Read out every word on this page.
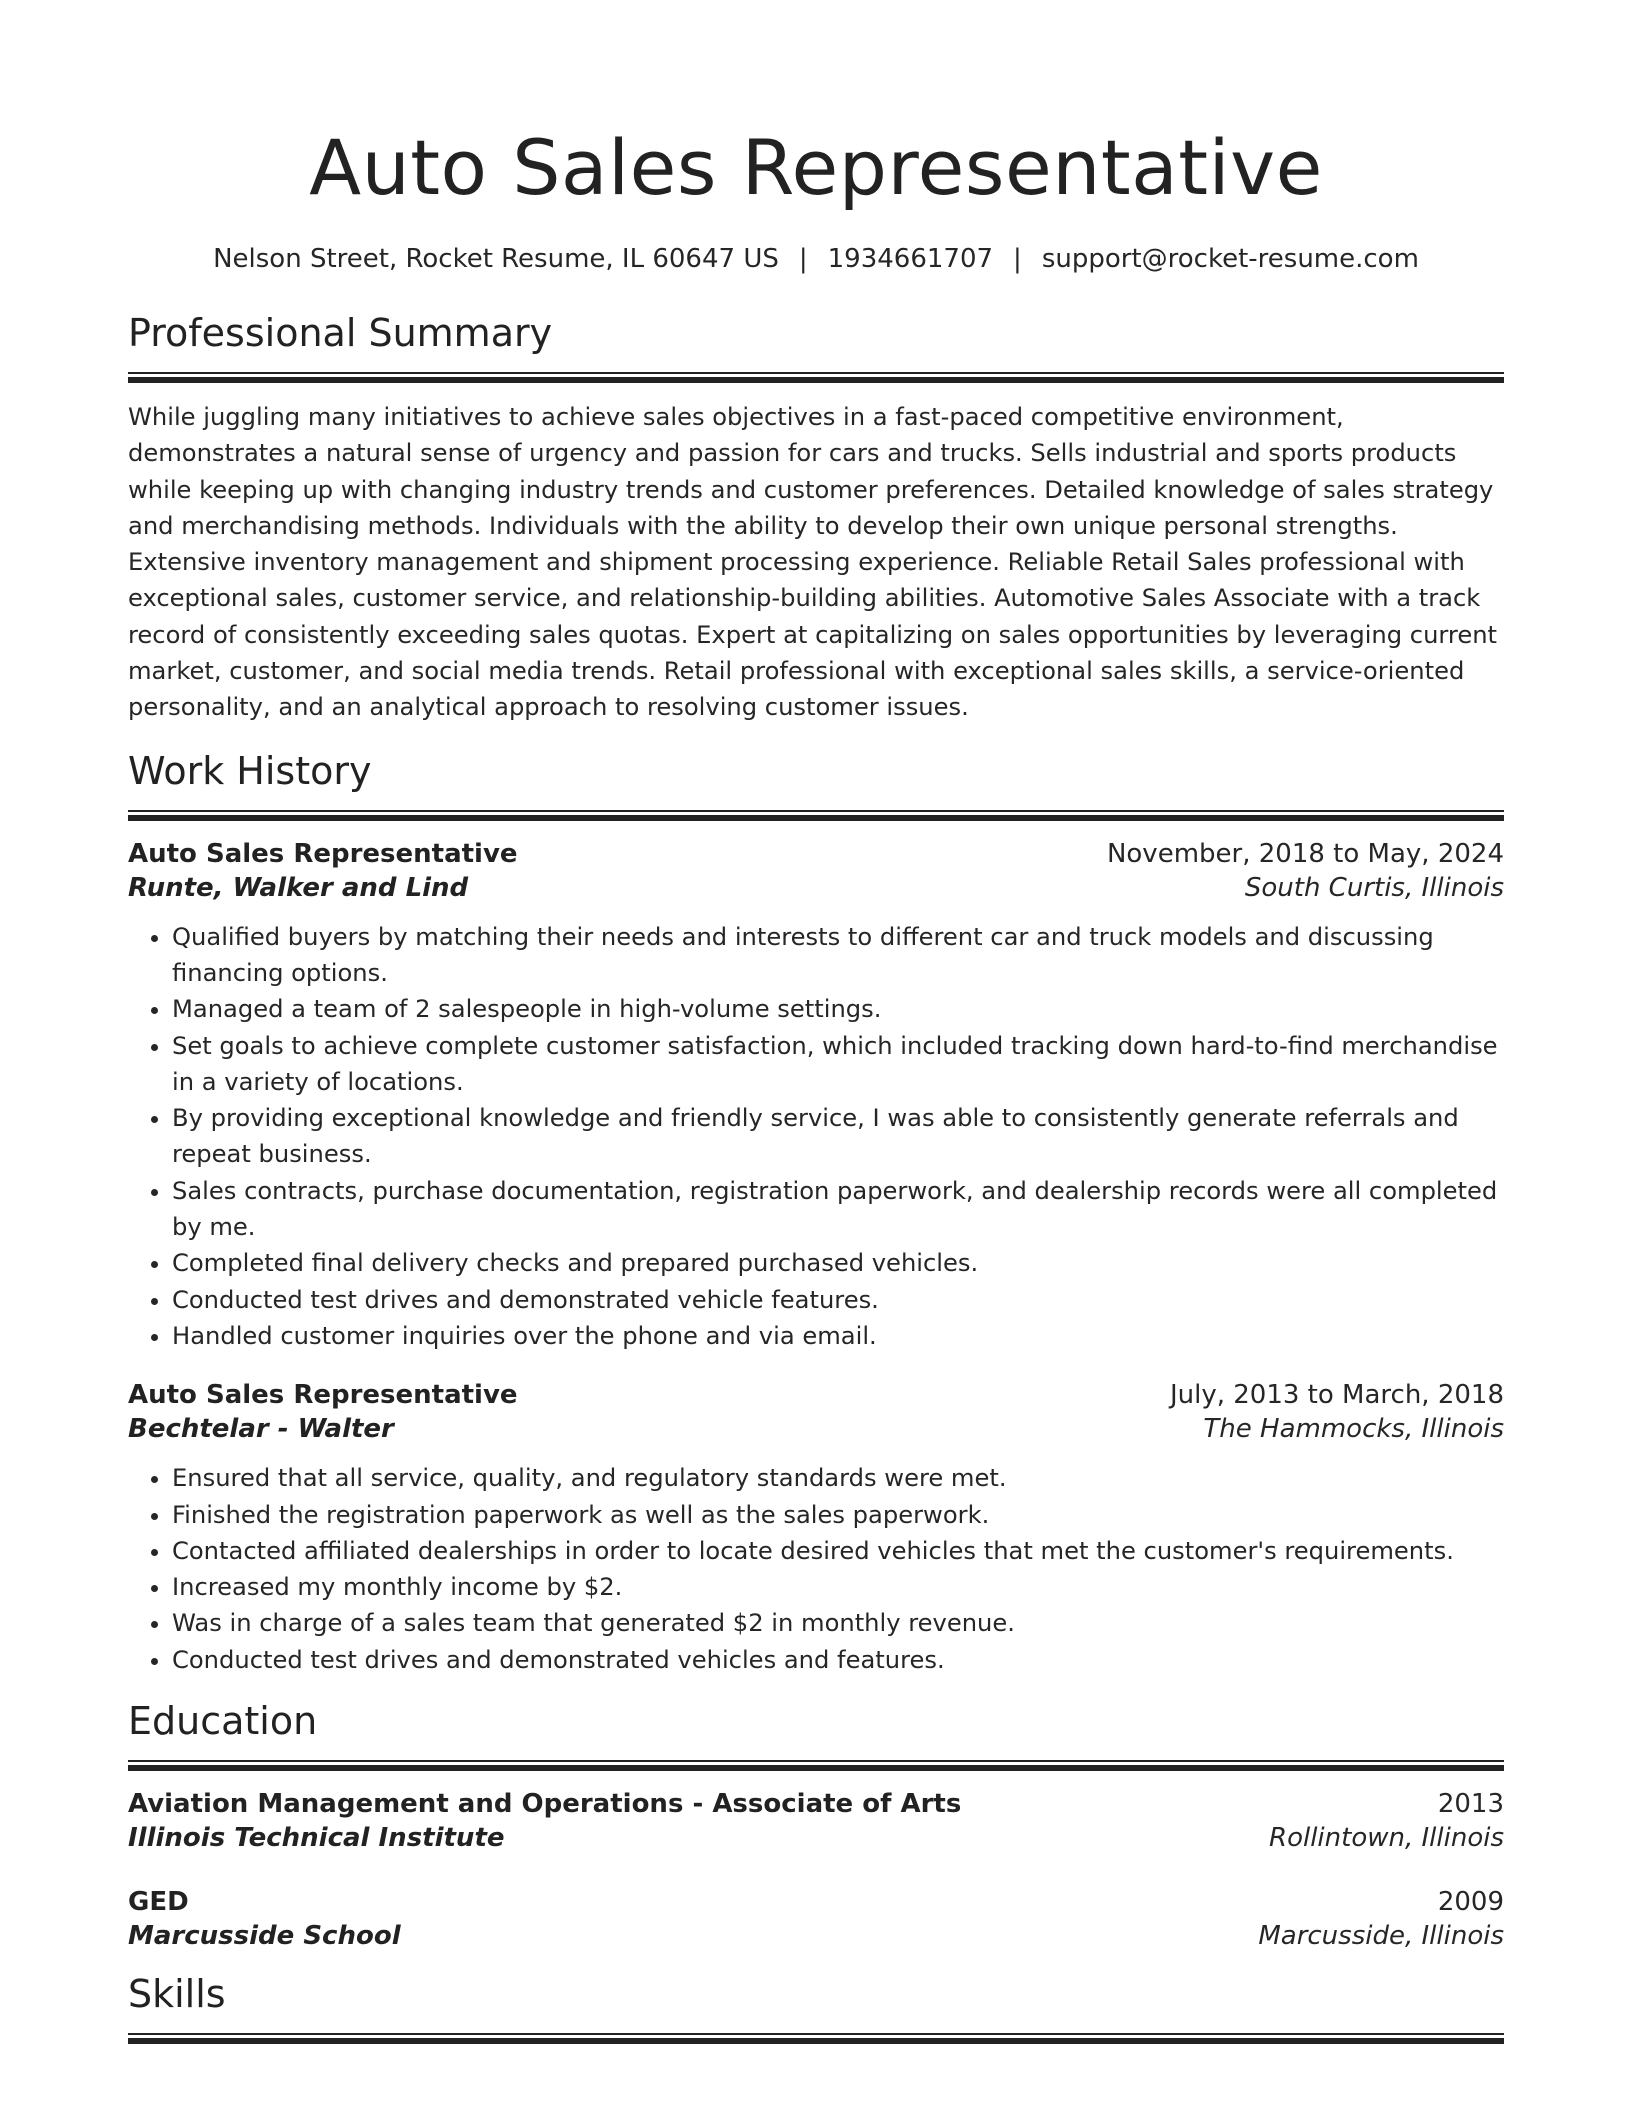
Auto Sales Representative
Nelson Street, Rocket Resume, IL 60647 US | 1934661707 | support@rocket-resume.com
Professional Summary

While juggling many initiatives to achieve sales objectives in a fast-paced competitive environment, demonstrates a natural sense of urgency and passion for cars and trucks. Sells industrial and sports products while keeping up with changing industry trends and customer preferences. Detailed knowledge of sales strategy and merchandising methods. Individuals with the ability to develop their own unique personal strengths. Extensive inventory management and shipment processing experience. Reliable Retail Sales professional with exceptional sales, customer service, and relationship-building abilities. Automotive Sales Associate with a track record of consistently exceeding sales quotas. Expert at capitalizing on sales opportunities by leveraging current market, customer, and social media trends. Retail professional with exceptional sales skills, a service-oriented personality, and an analytical approach to resolving customer issues.

Work History
Auto Sales Representative	November, 2018 to May, 2024
Runte, Walker and Lind	South Curtis, Illinois
• Qualified buyers by matching their needs and interests to different car and truck models and discussing financing options.
• Managed a team of 2 salespeople in high-volume settings.
• Set goals to achieve complete customer satisfaction, which included tracking down hard-to-find merchandise in a variety of locations.
• By providing exceptional knowledge and friendly service, I was able to consistently generate referrals and repeat business.
• Sales contracts, purchase documentation, registration paperwork, and dealership records were all completed by me.
• Completed final delivery checks and prepared purchased vehicles.
• Conducted test drives and demonstrated vehicle features.
• Handled customer inquiries over the phone and via email.
Auto Sales Representative	July, 2013 to March, 2018
Bechtelar - Walter	The Hammocks, Illinois
• Ensured that all service, quality, and regulatory standards were met.
• Finished the registration paperwork as well as the sales paperwork.
• Contacted affiliated dealerships in order to locate desired vehicles that met the customer's requirements.
• Increased my monthly income by $2.
• Was in charge of a sales team that generated $2 in monthly revenue.
• Conducted test drives and demonstrated vehicles and features.
Education
Aviation Management and Operations - Associate of Arts	2013
Illinois Technical Institute	Rollintown, Illinois
GED	2009
Marcusside School	Marcusside, Illinois
Skills
